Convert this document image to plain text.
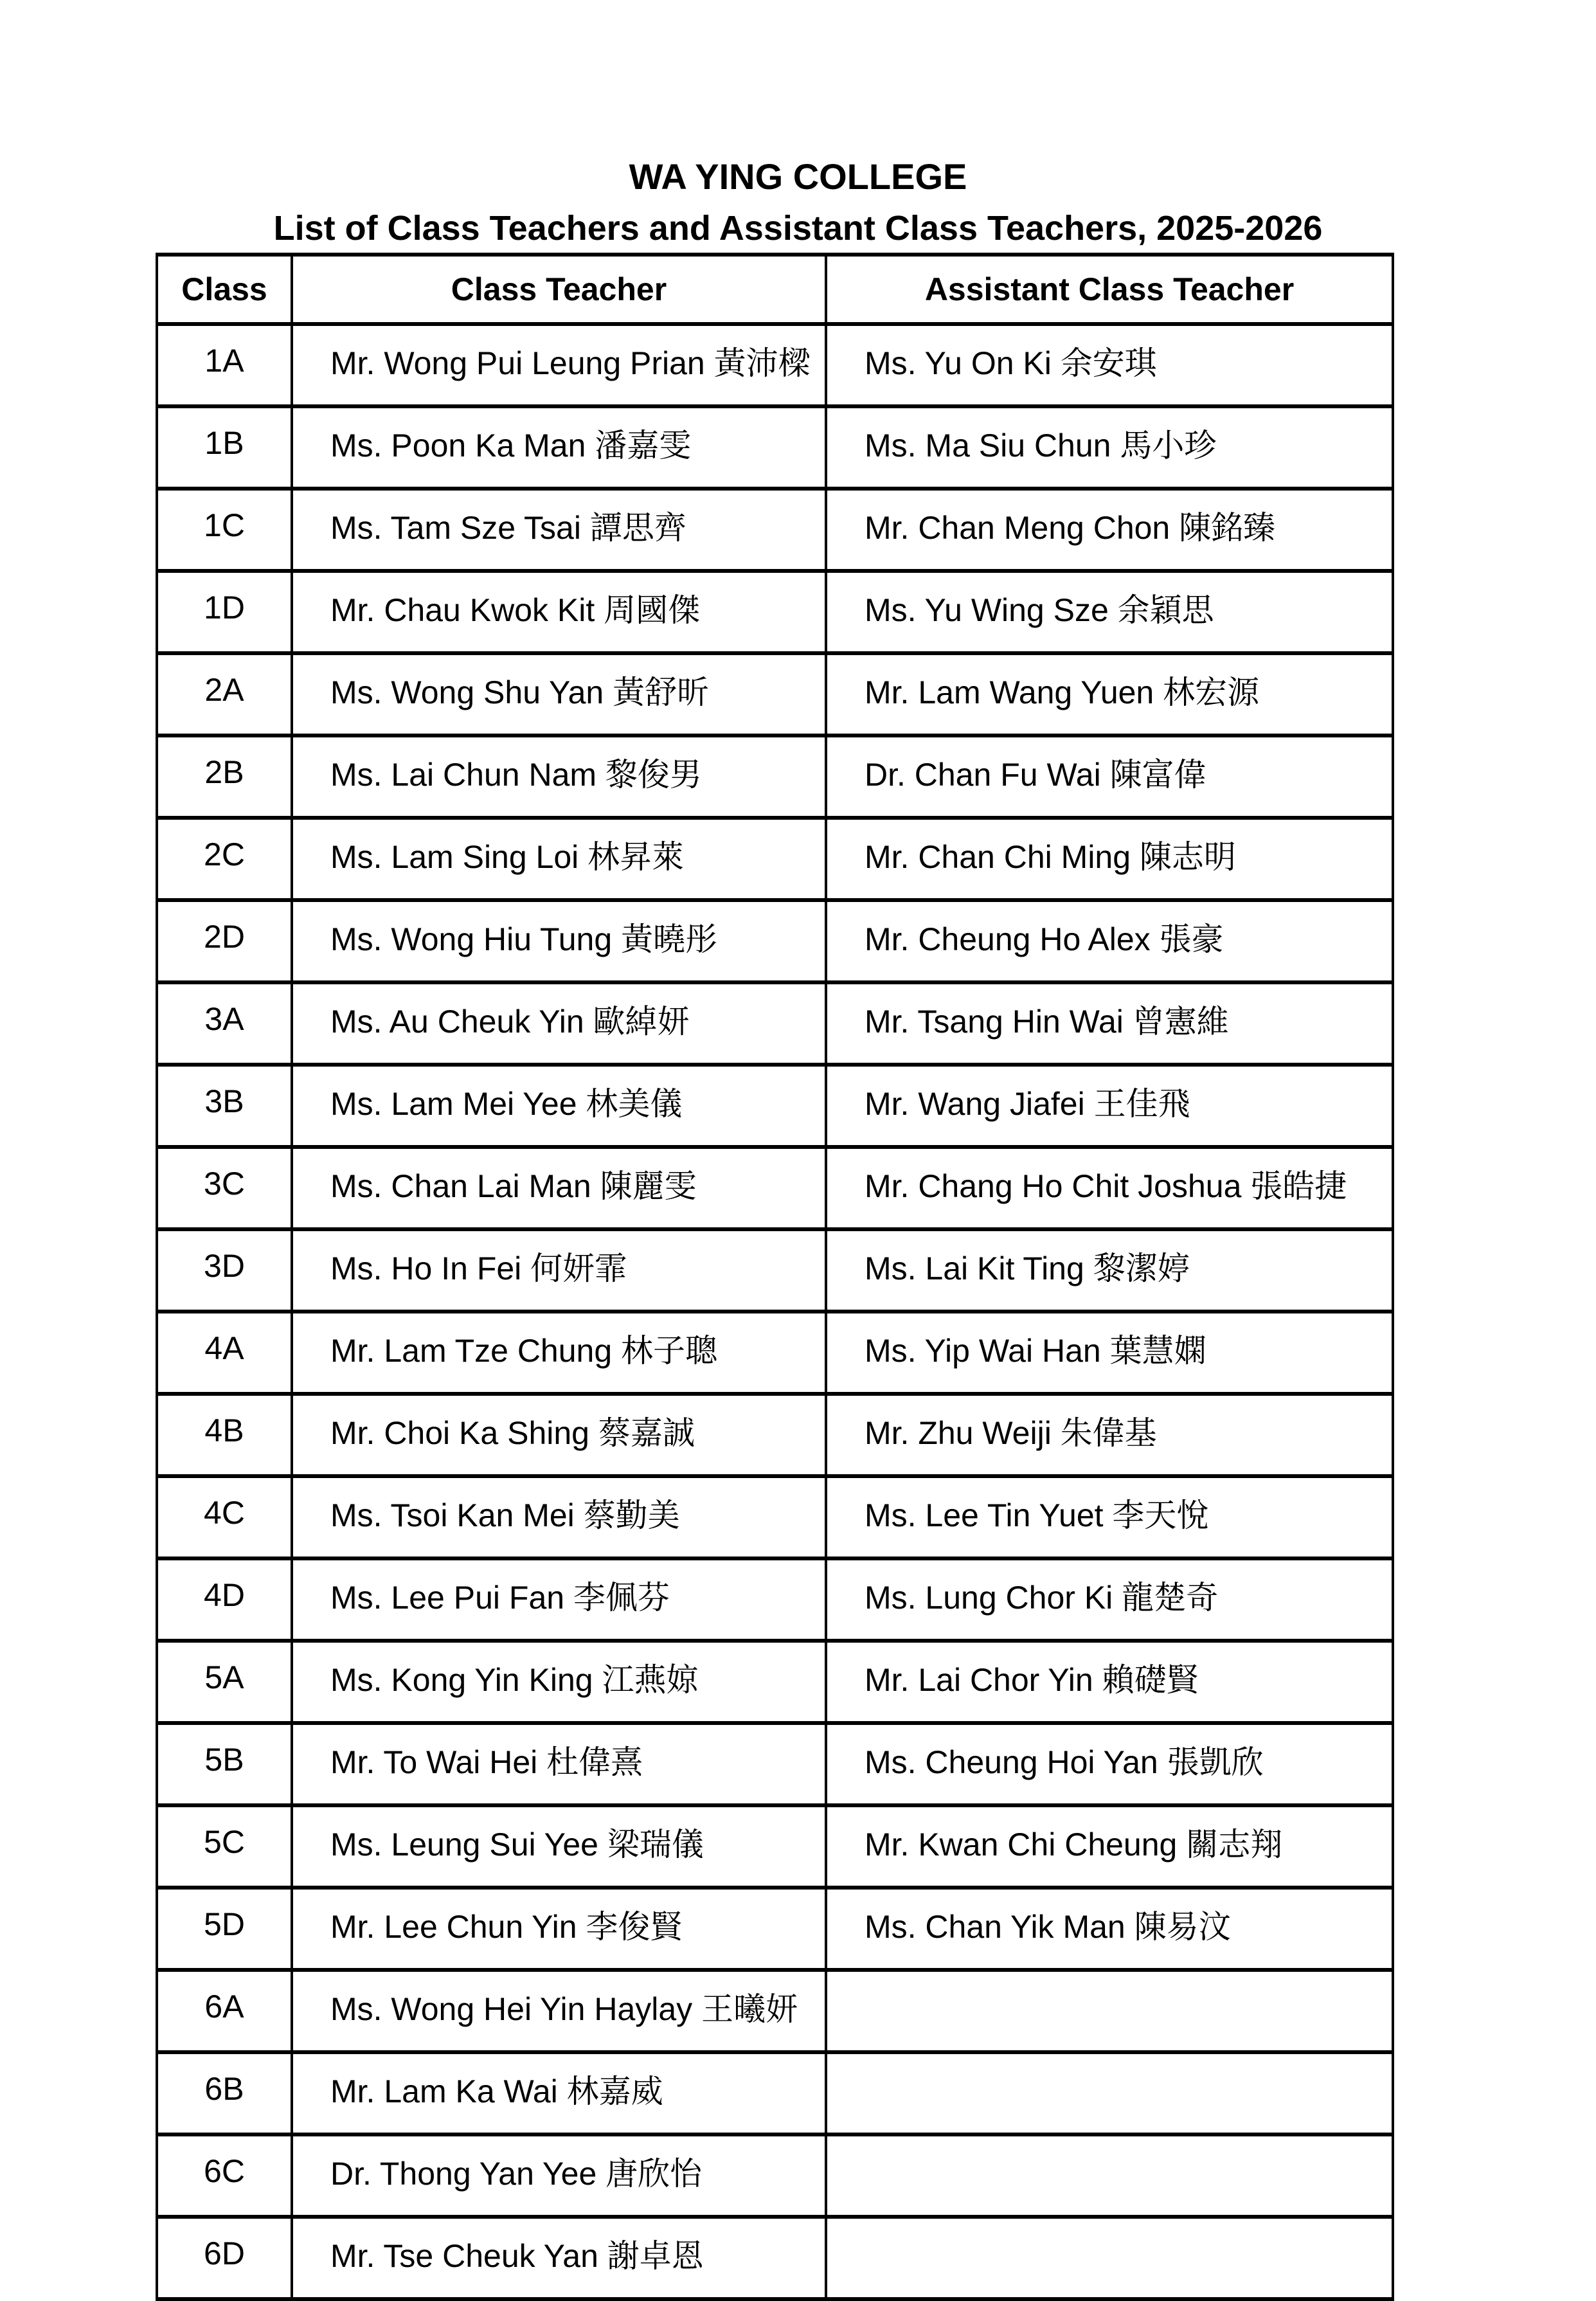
WA YING COLLEGE
List of Class Teachers and Assistant Class Teachers, 2025-2026
Class	Class Teacher	Assistant Class Teacher
1A	Mr. Wong Pui Leung Prian 黃沛樑	Ms. Yu On Ki 余安琪
1B	Ms. Poon Ka Man 潘嘉雯	Ms. Ma Siu Chun 馬小珍
1C	Ms. Tam Sze Tsai 譚思齊	Mr. Chan Meng Chon 陳銘臻
1D	Mr. Chau Kwok Kit 周國傑	Ms. Yu Wing Sze 余穎思
2A	Ms. Wong Shu Yan 黃舒昕	Mr. Lam Wang Yuen 林宏源
2B	Ms. Lai Chun Nam 黎俊男	Dr. Chan Fu Wai 陳富偉
2C	Ms. Lam Sing Loi 林昇萊	Mr. Chan Chi Ming 陳志明
2D	Ms. Wong Hiu Tung 黃曉彤	Mr. Cheung Ho Alex 張豪
3A	Ms. Au Cheuk Yin 歐綽妍	Mr. Tsang Hin Wai 曾憲維
3B	Ms. Lam Mei Yee 林美儀	Mr. Wang Jiafei 王佳飛
3C	Ms. Chan Lai Man 陳麗雯	Mr. Chang Ho Chit Joshua 張皓捷
3D	Ms. Ho In Fei 何妍霏	Ms. Lai Kit Ting 黎潔婷
4A	Mr. Lam Tze Chung 林子聰	Ms. Yip Wai Han 葉慧嫻
4B	Mr. Choi Ka Shing 蔡嘉誠	Mr. Zhu Weiji 朱偉基
4C	Ms. Tsoi Kan Mei 蔡勤美	Ms. Lee Tin Yuet 李天悅
4D	Ms. Lee Pui Fan 李佩芬	Ms. Lung Chor Ki 龍楚奇
5A	Ms. Kong Yin King 江燕婛	Mr. Lai Chor Yin 賴礎賢
5B	Mr. To Wai Hei 杜偉熹	Ms. Cheung Hoi Yan 張凱欣
5C	Ms. Leung Sui Yee 梁瑞儀	Mr. Kwan Chi Cheung 關志翔
5D	Mr. Lee Chun Yin 李俊賢	Ms. Chan Yik Man 陳易汶
6A	Ms. Wong Hei Yin Haylay 王曦妍	
6B	Mr. Lam Ka Wai 林嘉威	
6C	Dr. Thong Yan Yee 唐欣怡	
6D	Mr. Tse Cheuk Yan 謝卓恩	
